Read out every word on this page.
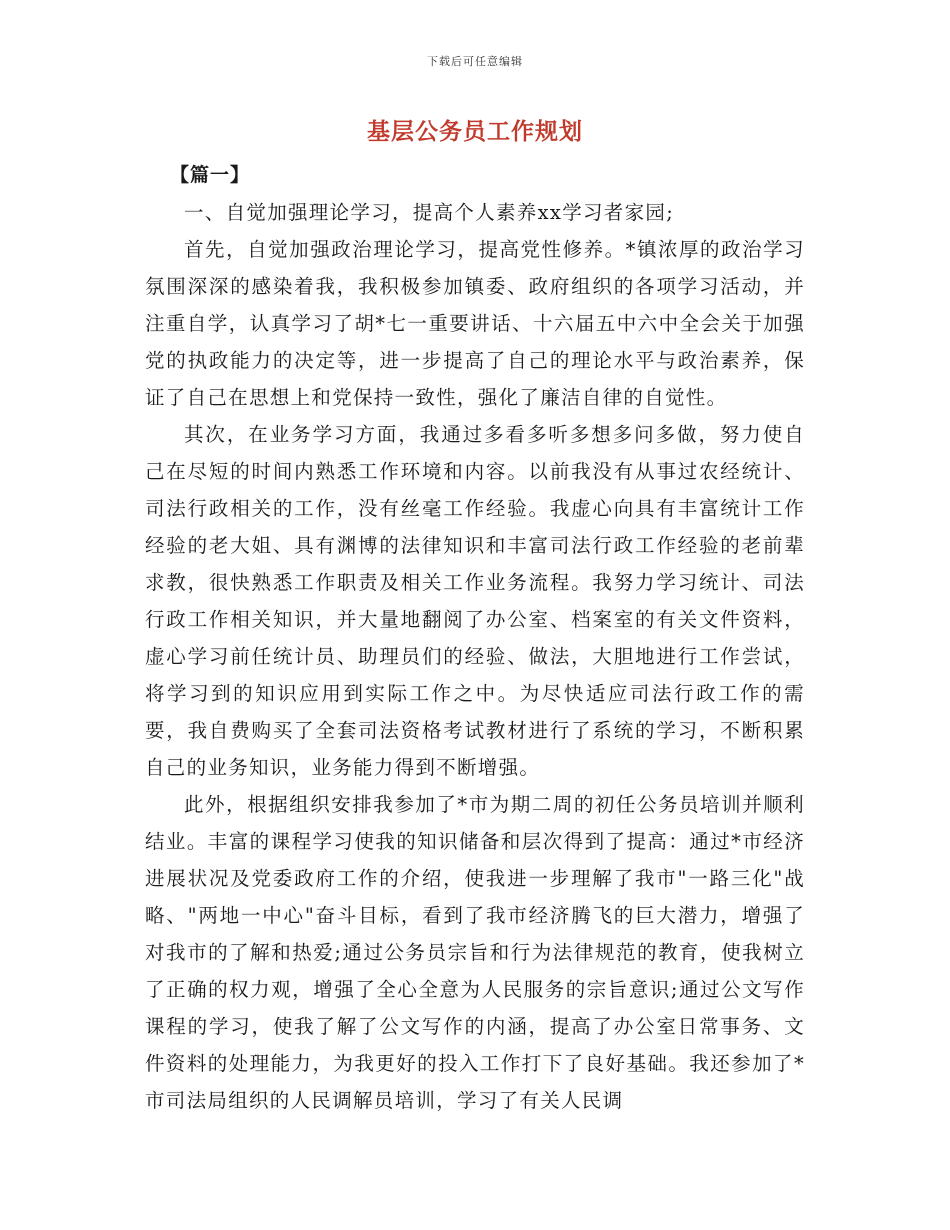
下载后可任意编辑
基层公务员工作规划
【篇一】

一、自觉加强理论学习，提高个人素养xx学习者家园;

首先，自觉加强政治理论学习，提高党性修养。*镇浓厚的政治学习氛围深深的感染着我，我积极参加镇委、政府组织的各项学习活动，并注重自学，认真学习了胡*七一重要讲话、十六届五中六中全会关于加强党的执政能力的决定等，进一步提高了自己的理论水平与政治素养，保证了自己在思想上和党保持一致性，强化了廉洁自律的自觉性。

其次，在业务学习方面，我通过多看多听多想多问多做，努力使自己在尽短的时间内熟悉工作环境和内容。以前我没有从事过农经统计、司法行政相关的工作，没有丝毫工作经验。我虚心向具有丰富统计工作经验的老大姐、具有渊博的法律知识和丰富司法行政工作经验的老前辈求教，很快熟悉工作职责及相关工作业务流程。我努力学习统计、司法行政工作相关知识，并大量地翻阅了办公室、档案室的有关文件资料，虚心学习前任统计员、助理员们的经验、做法，大胆地进行工作尝试，将学习到的知识应用到实际工作之中。为尽快适应司法行政工作的需要，我自费购买了全套司法资格考试教材进行了系统的学习，不断积累自己的业务知识，业务能力得到不断增强。

此外，根据组织安排我参加了*市为期二周的初任公务员培训并顺利结业。丰富的课程学习使我的知识储备和层次得到了提高：通过*市经济进展状况及党委政府工作的介绍，使我进一步理解了我市"一路三化"战略、"两地一中心"奋斗目标，看到了我市经济腾飞的巨大潜力，增强了对我市的了解和热爱;通过公务员宗旨和行为法律规范的教育，使我树立了正确的权力观，增强了全心全意为人民服务的宗旨意识;通过公文写作课程的学习，使我了解了公文写作的内涵，提高了办公室日常事务、文件资料的处理能力，为我更好的投入工作打下了良好基础。我还参加了*市司法局组织的人民调解员培训，学习了有关人民调
